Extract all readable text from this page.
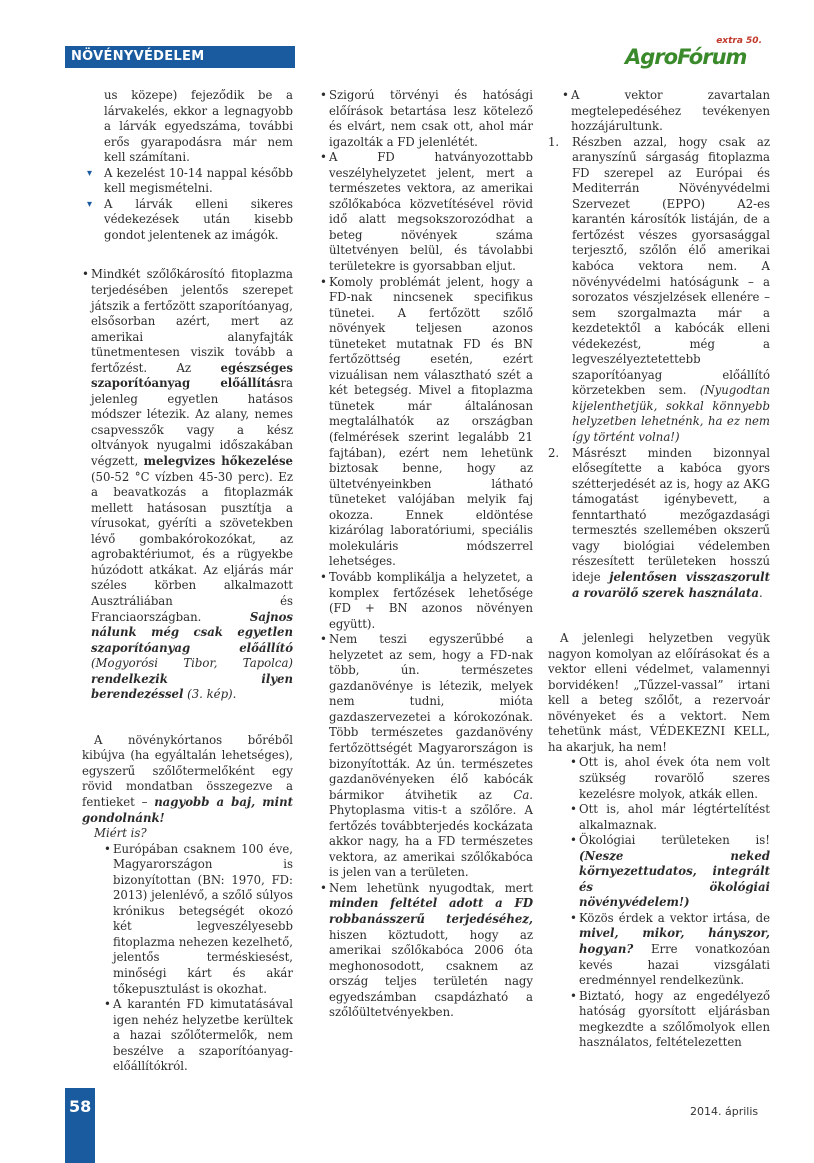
NÖVÉNYVÉDELEM
extra 50.
AgroFórum

us közepe) fejeződik be a lárvakelés, ekkor a legnagyobb a lárvák egyedszáma, további erős gyarapodásra már nem kell számítani.

▾ A kezelést 10-14 nappal később kell megismételni.
▾ A lárvák elleni sikeres védekezések után kisebb gondot jelentenek az imágók.
• Mindkét szőlőkárosító fitoplazma terjedésében jelentős szerepet játszik a fertőzött szaporítóanyag, elsősorban azért, mert az amerikai alanyfajták tünetmentesen viszik tovább a fertőzést. Az	egészséges szaporítóanyag előállításra jelenleg egyetlen hatásos módszer létezik. Az alany, nemes csapvesszők vagy a kész oltványok nyugalmi időszakában végzett, melegvizes hőkezelése (50-52 °C vízben 45-30 perc). Ez a beavatkozás a fitoplazmák mellett hatásosan pusztítja a vírusokat, gyéríti a szövetekben lévő gombakórokozókat, az agrobaktériumot, és a rügyekbe húzódott atkákat. Az eljárás már széles körben alkalmazott Ausztráliában és Franciaországban.	Sajnos nálunk még csak egyetlen szaporítóanyag előállító (Mogyorósi Tibor, Tapolca) rendelkezik ilyen berendezéssel (3. kép).

A növénykórtanos bőréből kibújva (ha egyáltalán lehetséges), egyszerű szőlőtermelőként egy rövid mondatban összegezve a fentieket – nagyobb a baj, mint gondolnánk!

Miért is?

• Európában csaknem 100 éve, Magyarországon is bizonyítottan (BN: 1970, FD: 2013) jelenlévő, a szőlő súlyos krónikus betegségét okozó két legveszélyesebb fitoplazma nehezen kezelhető, jelentős terméskiesést, minőségi kárt és akár tőkepusztulást is okozhat.
• A karantén FD kimutatásával igen nehéz helyzetbe kerültek a hazai szőlőtermelők, nem beszélve a szaporítóanyag-előállítókról.
• Szigorú törvényi és hatósági előírások betartása lesz kötelező és elvárt, nem csak ott, ahol már igazolták a FD jelenlétét.
• A FD hatványozottabb veszélyhelyzetet jelent, mert a természetes vektora, az amerikai szőlőkabóca közvetítésével rövid idő alatt megsokszorozódhat a beteg növények száma ültetvényen belül, és távolabbi területekre is gyorsabban eljut.
• Komoly problémát jelent, hogy a FD-nak nincsenek specifikus tünetei. A fertőzött szőlő növények teljesen azonos tüneteket mutatnak FD és BN fertőzöttség esetén, ezért vizuálisan nem választható szét a két betegség. Mivel a fitoplazma tünetek már általánosan megtalálhatók az országban (felmérések szerint legalább 21 fajtában), ezért nem lehetünk biztosak benne, hogy az ültetvényeinkben látható tüneteket valójában melyik faj okozza. Ennek eldöntése kizárólag laboratóriumi, speciális molekuláris módszerrel lehetséges.
• Tovább komplikálja a helyzetet, a komplex fertőzések lehetősége (FD + BN azonos növényen együtt).
• Nem teszi egyszerűbbé a helyzetet az sem, hogy a FD-nak több, ún. természetes gazdanövénye is létezik, melyek nem tudni, mióta gazdaszervezetei a kórokozónak. Több természetes gazdanövény fertőzöttségét Magyarországon is bizonyították. Az ún. természetes gazdanövényeken élő kabócák bármikor átvihetik az Ca. Phytoplasma vitis-t a szőlőre. A fertőzés továbbterjedés kockázata akkor nagy, ha a FD természetes vektora, az amerikai szőlőkabóca is jelen van a területen.
• Nem lehetünk nyugodtak, mert minden feltétel adott a FD robbanásszerű terjedéséhez, hiszen köztudott, hogy az amerikai szőlőkabóca 2006 óta meghonosodott, csaknem az ország teljes területén nagy egyedszámban csapdázható a szőlőültetvényekben.
• A vektor zavartalan megtelepedéséhez tevékenyen hozzájárultunk.
1. Részben azzal, hogy csak az aranyszínű sárgaság fitoplazma FD szerepel az Európai és Mediterrán Növényvédelmi Szervezet (EPPO) A2-es karantén károsítók listáján, de a fertőzést vészes gyorsasággal terjesztő, szőlőn élő amerikai kabóca vektora nem. A növényvédelmi hatóságunk – a sorozatos vészjelzések ellenére – sem szorgalmazta már a kezdetektől a kabócák elleni védekezést, még a legveszélyeztetettebb szaporítóanyag előállító körzetekben sem. (Nyugodtan kijelenthetjük, sokkal könnyebb helyzetben lehetnénk, ha ez nem így történt volna!)
2. Másrészt minden bizonnyal elősegítette a kabóca gyors szétterjedését az is, hogy az AKG támogatást igénybevett, a fenntartható mezőgazdasági termesztés szellemében okszerű vagy biológiai védelemben részesített területeken hosszú ideje jelentősen visszaszorult a rovarölő szerek használata.

A jelenlegi helyzetben vegyük nagyon komolyan az előírásokat és a vektor elleni védelmet, valamennyi borvidéken! „Tűzzel-vassal” irtani kell a beteg szőlőt, a rezervoár növényeket és a vektort. Nem tehetünk mást, VÉDEKEZNI KELL, ha akarjuk, ha nem!

• Ott is, ahol évek óta nem volt szükség rovarölő szeres kezelésre molyok, atkák ellen.
• Ott is, ahol már légtértelítést alkalmaznak.
• Ökológiai területeken is! (Nesze neked környezettudatos, integrált és ökológiai növényvédelem!)
• Közös érdek a vektor irtása, de mivel, mikor, hányszor, hogyan? Erre vonatkozóan kevés hazai vizsgálati eredménnyel rendelkezünk.
• Biztató, hogy az engedélyező hatóság gyorsított eljárásban megkezdte a szőlőmolyok ellen használatos, feltételezetten
58	2014. április
